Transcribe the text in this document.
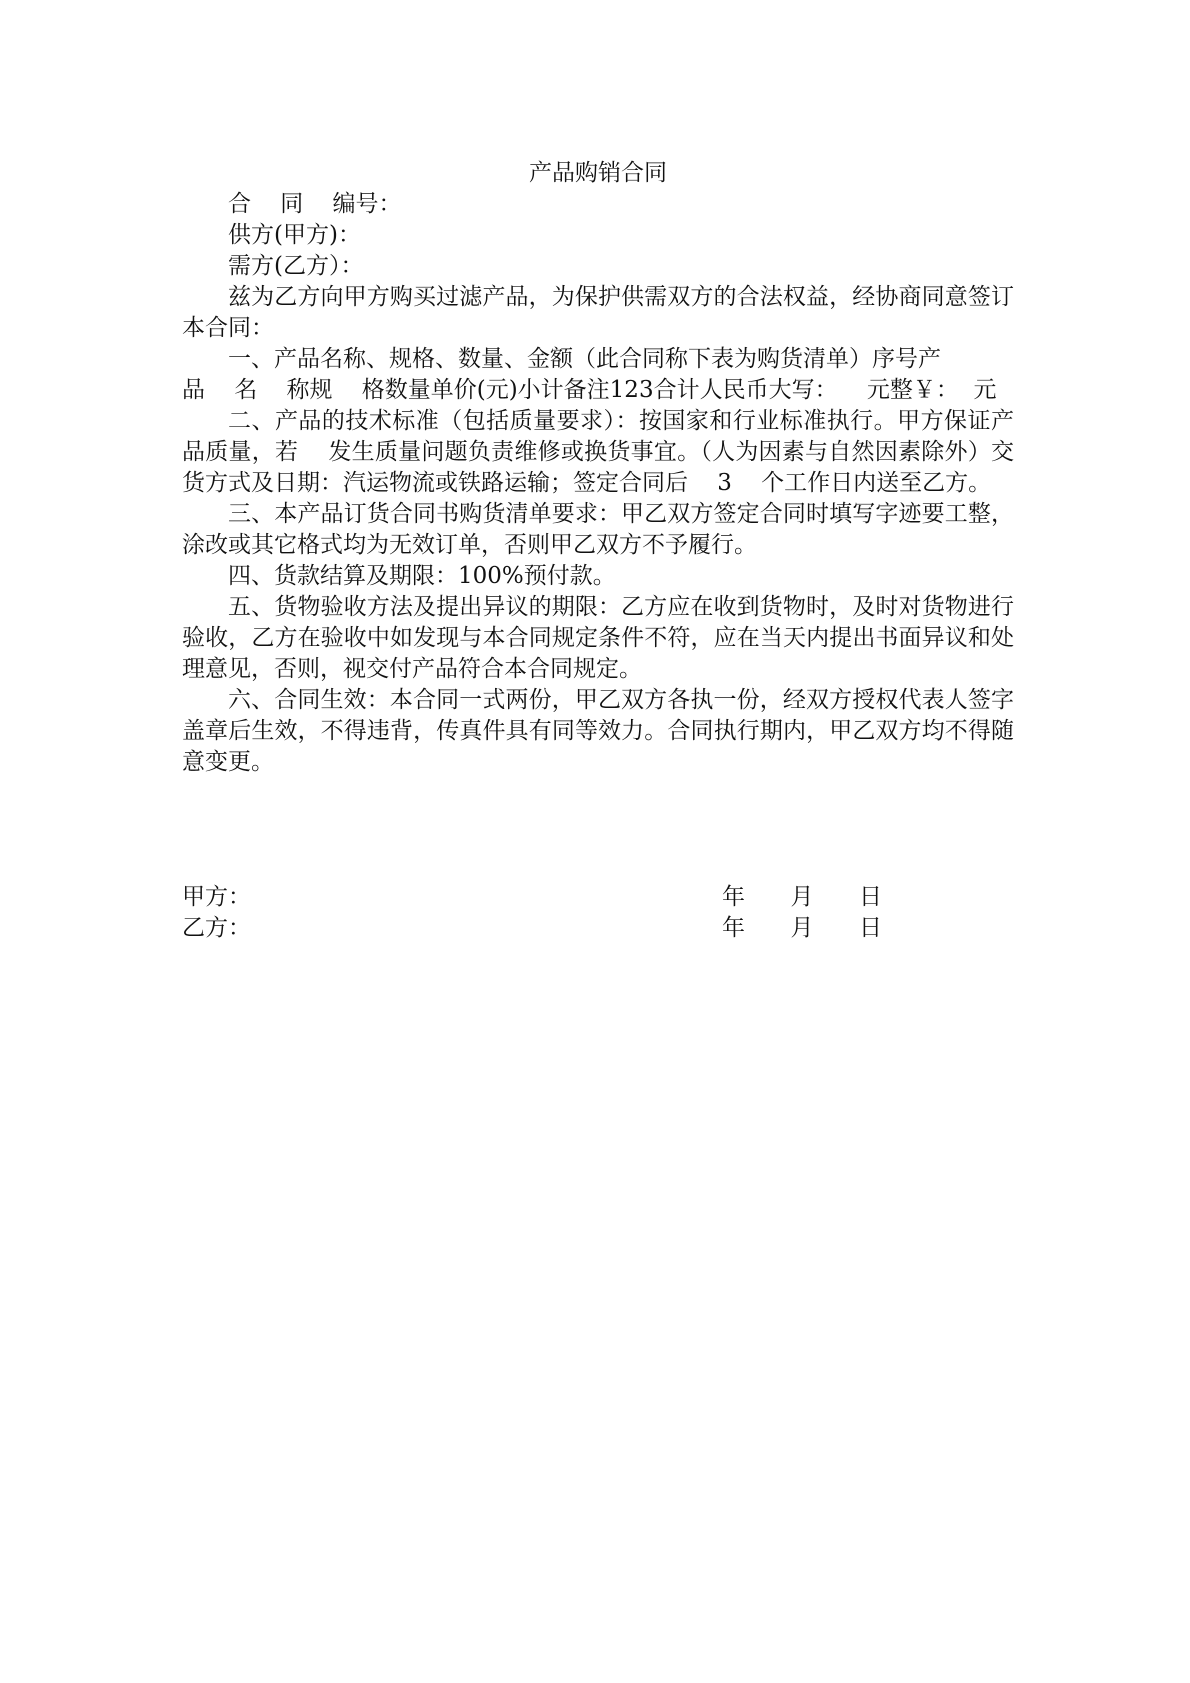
产品购销合同

合    同    编号：

供方(甲方)：

需方(乙方）：

兹为乙方向甲方购买过滤产品，为保护供需双方的合法权益，经协商同意签订本合同：

一、产品名称、规格、数量、金额（此合同称下表为购货清单）序号产

品    名    称规    格数量单价(元)小计备注123合计人民币大写：    元整￥：  元

二、产品的技术标准（包括质量要求）：按国家和行业标准执行。甲方保证产品质量，若    发生质量问题负责维修或换货事宜。（人为因素与自然因素除外）交货方式及日期：汽运物流或铁路运输；签定合同后    3    个工作日内送至乙方。

三、本产品订货合同书购货清单要求：甲乙双方签定合同时填写字迹要工整，涂改或其它格式均为无效订单，否则甲乙双方不予履行。

四、货款结算及期限：100%预付款。

五、货物验收方法及提出异议的期限：乙方应在收到货物时，及时对货物进行验收，乙方在验收中如发现与本合同规定条件不符，应在当天内提出书面异议和处理意见，否则，视交付产品符合本合同规定。

六、合同生效：本合同一式两份，甲乙双方各执一份，经双方授权代表人签字盖章后生效，不得违背，传真件具有同等效力。合同执行期内，甲乙双方均不得随意变更。

甲方：	年 月 日
乙方：	年 月 日
